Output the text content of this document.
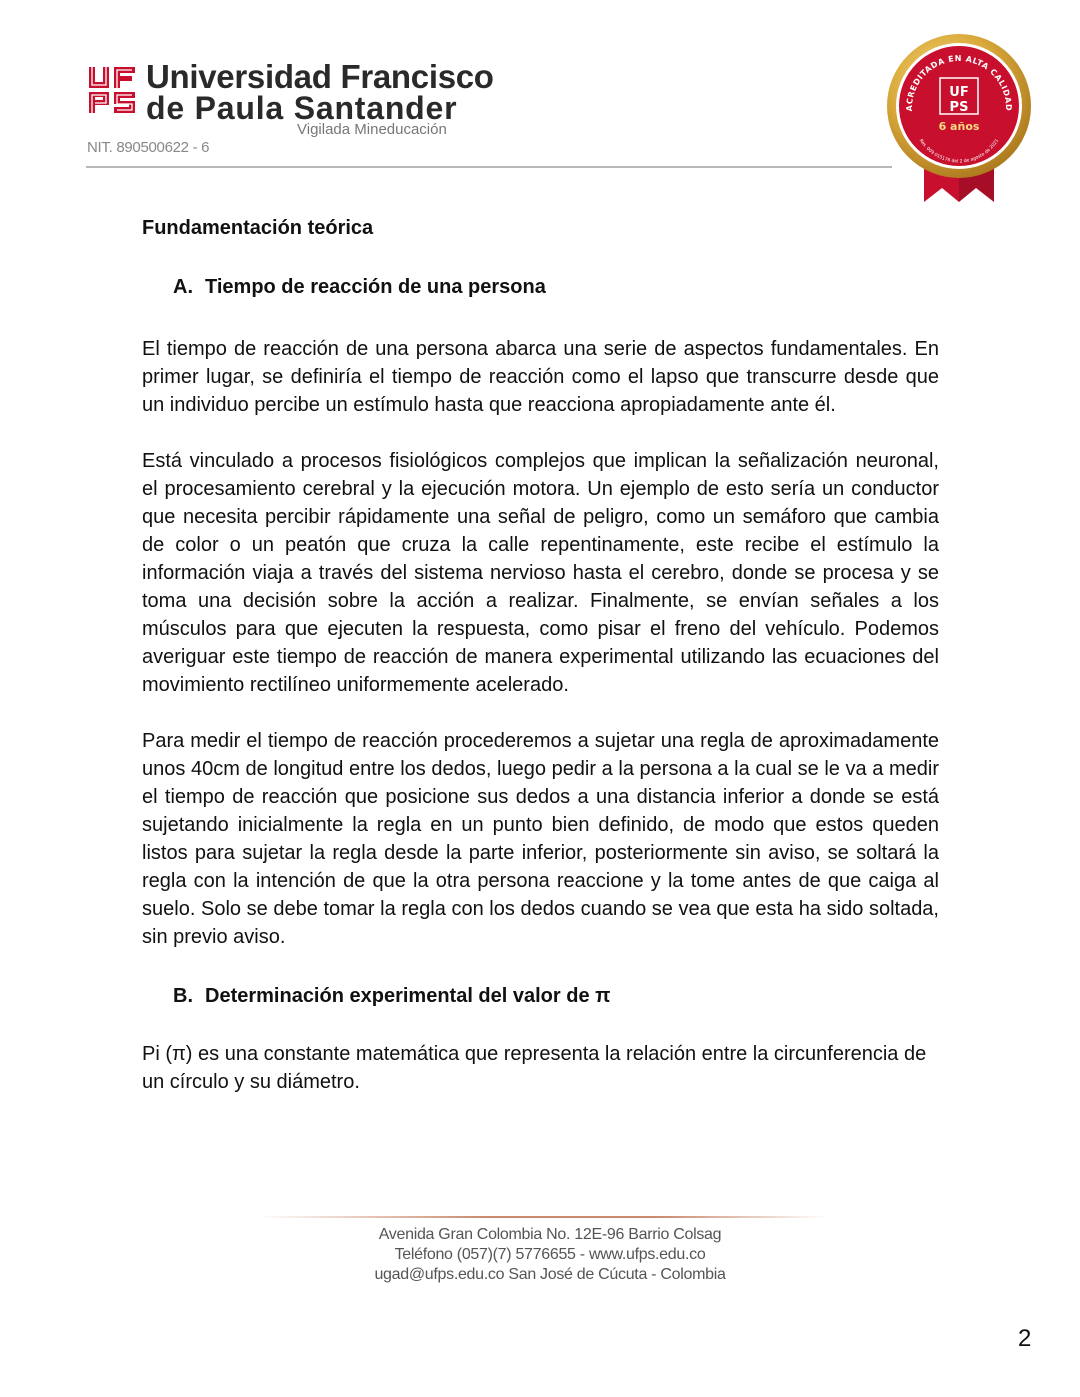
Universidad Francisco
de Paula Santander
Vigilada Mineducación
NIT. 890500622 - 6
ACREDITADA EN ALTA CALIDAD
Res. 009 015176 del 2 de agosto de 2021
UF
PS
6 años
Fundamentación teórica
A. Tiempo de reacción de una persona

El tiempo de reacción de una persona abarca una serie de aspectos fundamentales. En primer lugar, se definiría el tiempo de reacción como el lapso que transcurre desde que un individuo percibe un estímulo hasta que reacciona apropiadamente ante él.

Está vinculado a procesos fisiológicos complejos que implican la señalización neuronal, el procesamiento cerebral y la ejecución motora. Un ejemplo de esto sería un conductor que necesita percibir rápidamente una señal de peligro, como un semáforo que cambia de color o un peatón que cruza la calle repentinamente, este recibe el estímulo la información viaja a través del sistema nervioso hasta el cerebro, donde se procesa y se toma una decisión sobre la acción a realizar. Finalmente, se envían señales a los músculos para que ejecuten la respuesta, como pisar el freno del vehículo. Podemos averiguar este tiempo de reacción de manera experimental utilizando las ecuaciones del movimiento rectilíneo uniformemente acelerado.

Para medir el tiempo de reacción procederemos a sujetar una regla de aproximadamente unos 40cm de longitud entre los dedos, luego pedir a la persona a la cual se le va a medir el tiempo de reacción que posicione sus dedos a una distancia inferior a donde se está sujetando inicialmente la regla en un punto bien definido, de modo que estos queden listos para sujetar la regla desde la parte inferior, posteriormente sin aviso, se soltará la regla con la intención de que la otra persona reaccione y la tome antes de que caiga al suelo. Solo se debe tomar la regla con los dedos cuando se vea que esta ha sido soltada, sin previo aviso.

B. Determinación experimental del valor de π

Pi (π) es una constante matemática que representa la relación entre la circunferencia de un círculo y su diámetro.

Avenida Gran Colombia No. 12E-96 Barrio Colsag
Teléfono (057)(7) 5776655 - www.ufps.edu.co
ugad@ufps.edu.co San José de Cúcuta - Colombia
2
